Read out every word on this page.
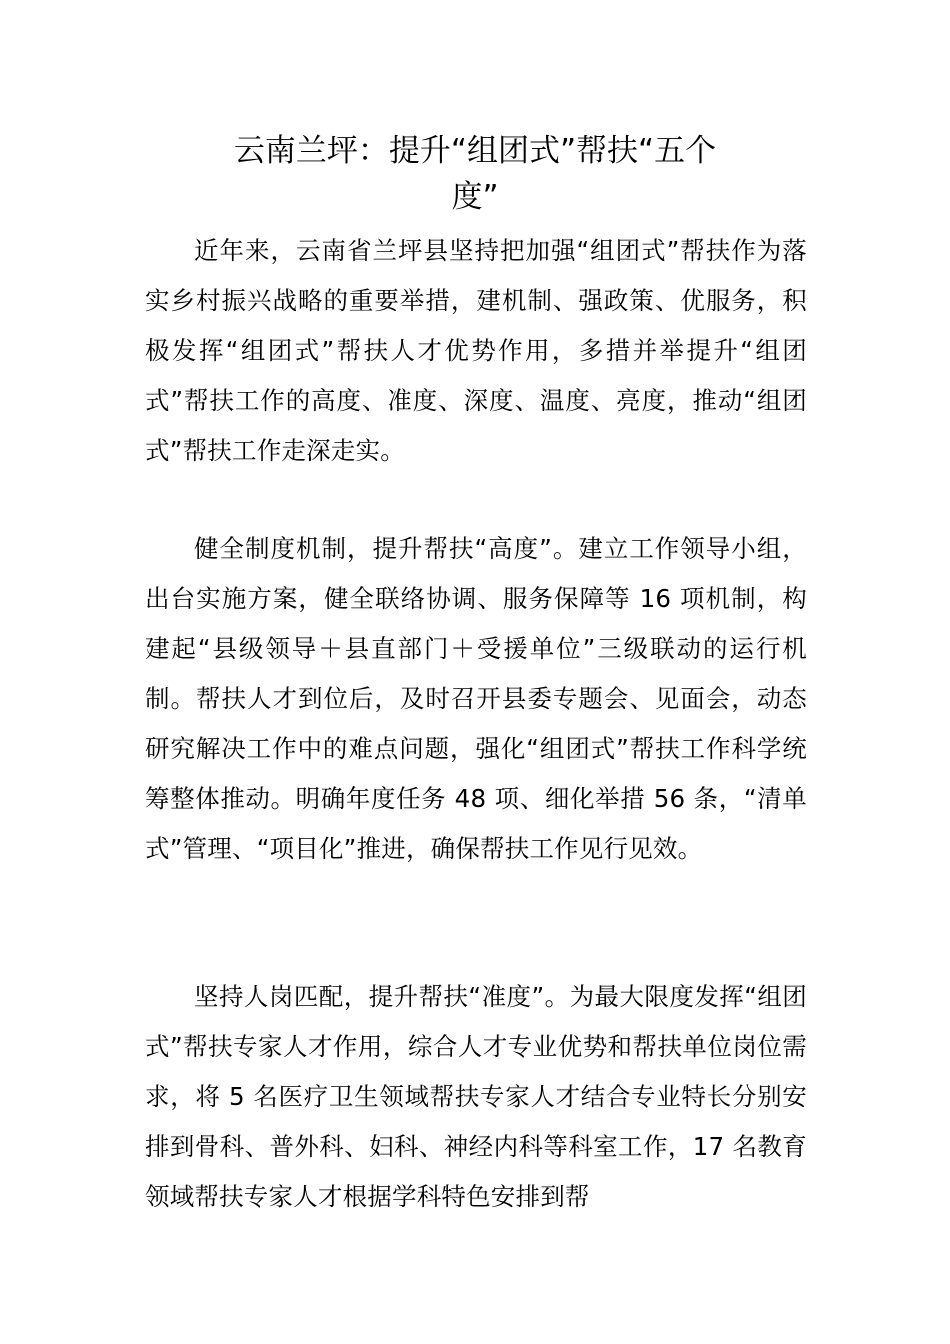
云南兰坪：提升“组团式”帮扶“五个
度”

近年来，云南省兰坪县坚持把加强“组团式”帮扶作为落实乡村振兴战略的重要举措，建机制、强政策、优服务，积极发挥“组团式”帮扶人才优势作用，多措并举提升“组团式”帮扶工作的高度、准度、深度、温度、亮度，推动“组团式”帮扶工作走深走实。

健全制度机制，提升帮扶“高度”。建立工作领导小组，出台实施方案，健全联络协调、服务保障等 16 项机制，构建起“县级领导＋县直部门＋受援单位”三级联动的运行机制。帮扶人才到位后，及时召开县委专题会、见面会，动态研究解决工作中的难点问题，强化“组团式”帮扶工作科学统筹整体推动。明确年度任务 48 项、细化举措 56 条，“清单式”管理、“项目化”推进，确保帮扶工作见行见效。

坚持人岗匹配，提升帮扶“准度”。为最大限度发挥“组团式”帮扶专家人才作用，综合人才专业优势和帮扶单位岗位需求，将 5 名医疗卫生领域帮扶专家人才结合专业特长分别安排到骨科、普外科、妇科、神经内科等科室工作，17 名教育领域帮扶专家人才根据学科特色安排到帮
